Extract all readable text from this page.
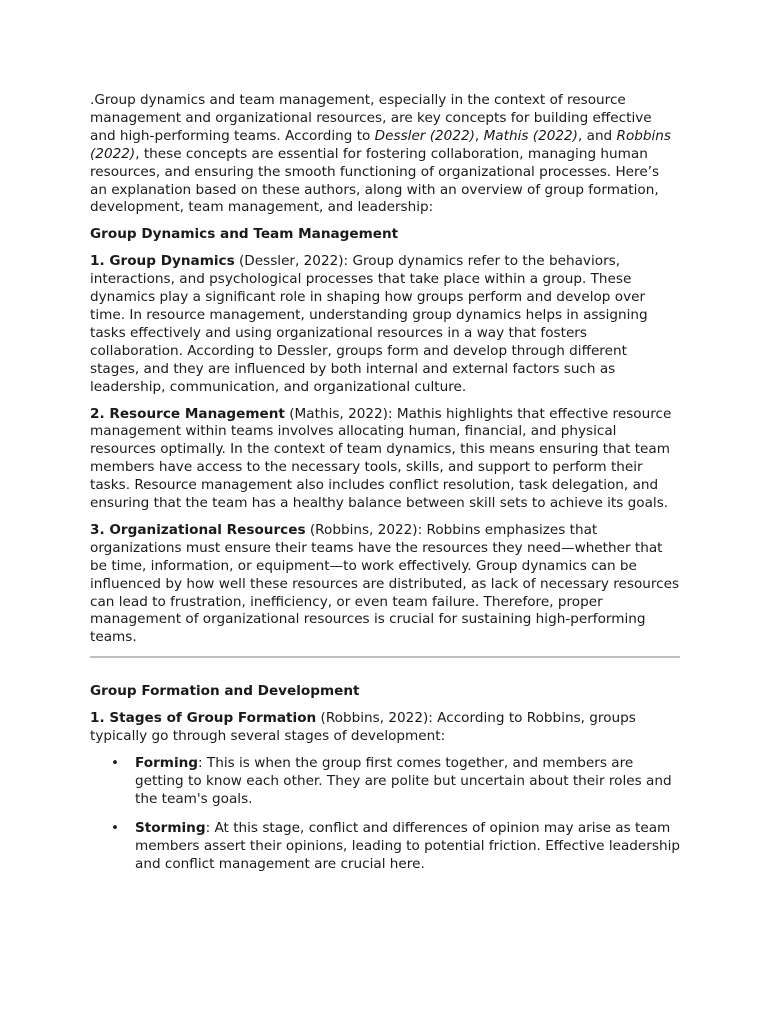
.Group dynamics and team management, especially in the context of resource management and organizational resources, are key concepts for building effective and high-performing teams. According to Dessler (2022), Mathis (2022), and Robbins (2022), these concepts are essential for fostering collaboration, managing human resources, and ensuring the smooth functioning of organizational processes. Here’s an explanation based on these authors, along with an overview of group formation, development, team management, and leadership:

Group Dynamics and Team Management

1. Group Dynamics (Dessler, 2022): Group dynamics refer to the behaviors, interactions, and psychological processes that take place within a group. These dynamics play a significant role in shaping how groups perform and develop over time. In resource management, understanding group dynamics helps in assigning tasks effectively and using organizational resources in a way that fosters collaboration. According to Dessler, groups form and develop through different stages, and they are influenced by both internal and external factors such as leadership, communication, and organizational culture.

2. Resource Management (Mathis, 2022): Mathis highlights that effective resource management within teams involves allocating human, financial, and physical resources optimally. In the context of team dynamics, this means ensuring that team members have access to the necessary tools, skills, and support to perform their tasks. Resource management also includes conflict resolution, task delegation, and ensuring that the team has a healthy balance between skill sets to achieve its goals.

3. Organizational Resources (Robbins, 2022): Robbins emphasizes that organizations must ensure their teams have the resources they need—whether that be time, information, or equipment—to work effectively. Group dynamics can be influenced by how well these resources are distributed, as lack of necessary resources can lead to frustration, inefficiency, or even team failure. Therefore, proper management of organizational resources is crucial for sustaining high-performing teams.

Group Formation and Development

1. Stages of Group Formation (Robbins, 2022): According to Robbins, groups typically go through several stages of development:

• Forming: This is when the group first comes together, and members are getting to know each other. They are polite but uncertain about their roles and the team's goals.
• Storming: At this stage, conflict and differences of opinion may arise as team members assert their opinions, leading to potential friction. Effective leadership and conflict management are crucial here.
